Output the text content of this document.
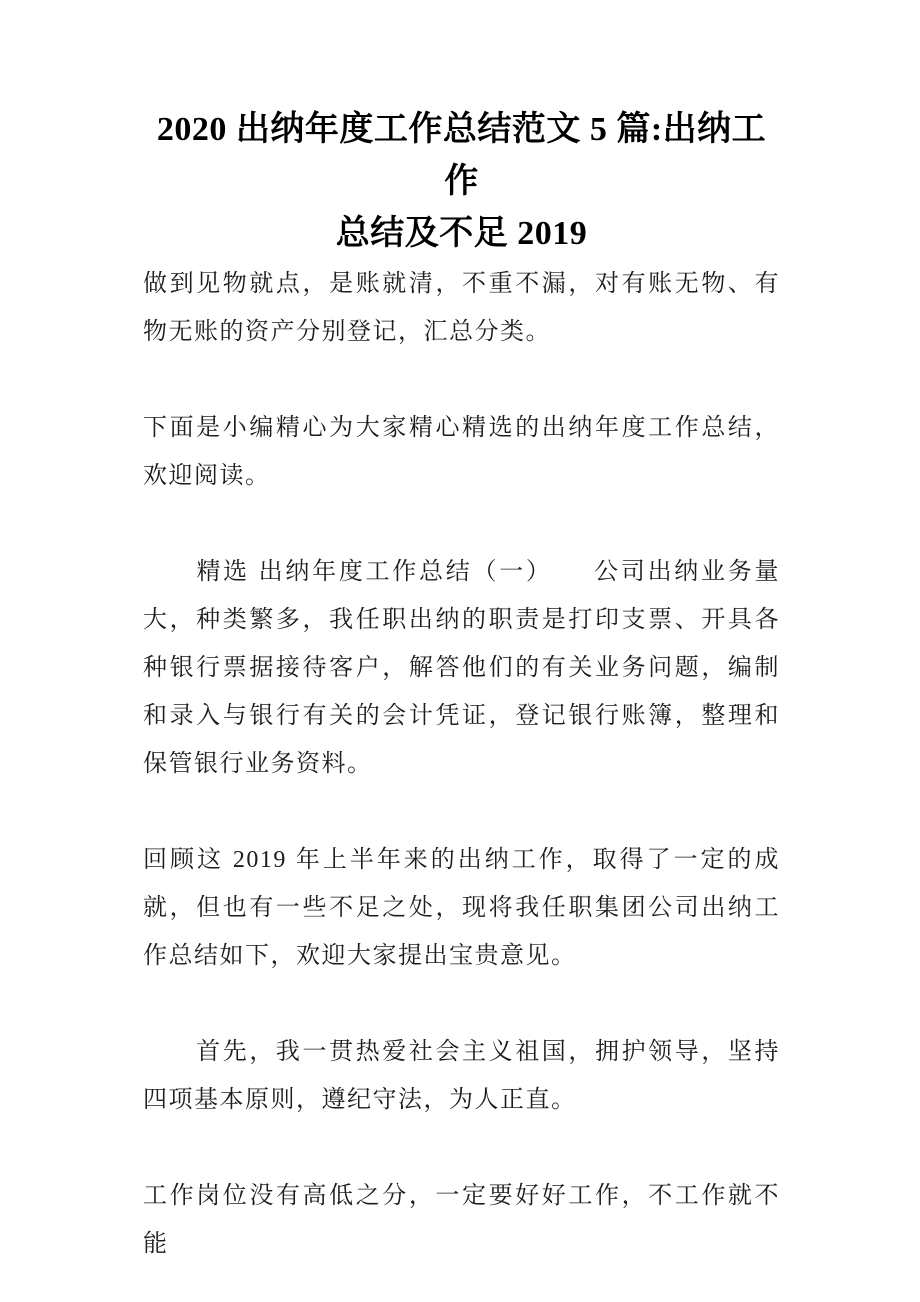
2020 出纳年度工作总结范文 5 篇:出纳工作
总结及不足 2019

做到见物就点，是账就清，不重不漏，对有账无物、有物无账的资产分别登记，汇总分类。

下面是小编精心为大家精心精选的出纳年度工作总结，欢迎阅读。

　　精选 出纳年度工作总结（一）　　公司出纳业务量大，种类繁多，我任职出纳的职责是打印支票、开具各种银行票据接待客户，解答他们的有关业务问题，编制和录入与银行有关的会计凭证，登记银行账簿，整理和保管银行业务资料。

回顾这 2019 年上半年来的出纳工作，取得了一定的成就，但也有一些不足之处，现将我任职集团公司出纳工作总结如下，欢迎大家提出宝贵意见。

　　首先，我一贯热爱社会主义祖国，拥护领导，坚持四项基本原则，遵纪守法，为人正直。

工作岗位没有高低之分，一定要好好工作，不工作就不能
